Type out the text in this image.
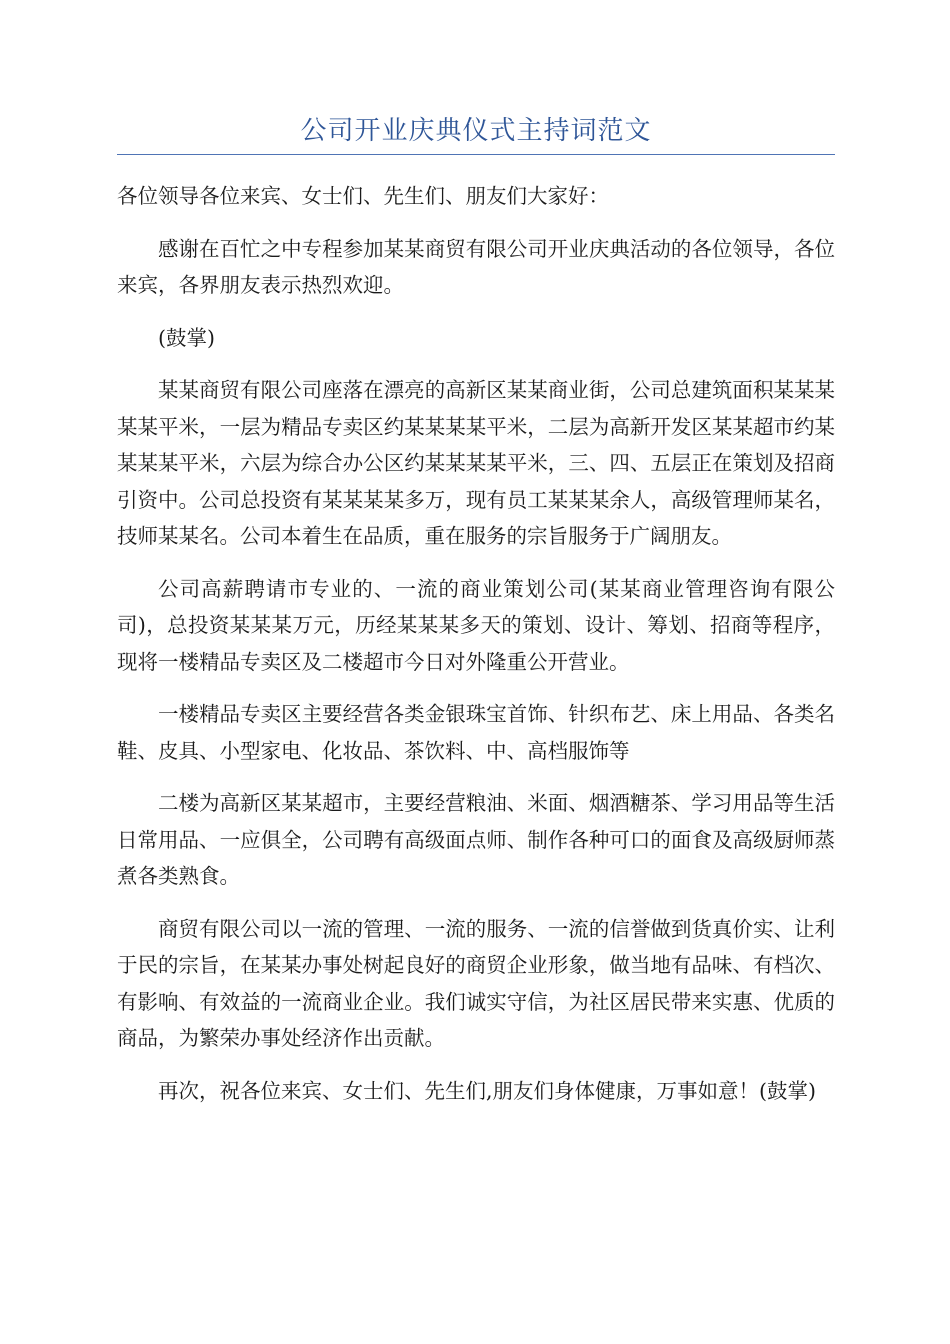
公司开业庆典仪式主持词范文

各位领导各位来宾、女士们、先生们、朋友们大家好：

感谢在百忙之中专程参加某某商贸有限公司开业庆典活动的各位领导，各位来宾，各界朋友表示热烈欢迎。

(鼓掌)

某某商贸有限公司座落在漂亮的高新区某某商业街，公司总建筑面积某某某某某平米，一层为精品专卖区约某某某某平米，二层为高新开发区某某超市约某某某某平米，六层为综合办公区约某某某某平米，三、四、五层正在策划及招商引资中。公司总投资有某某某某多万，现有员工某某某余人，高级管理师某名，技师某某名。公司本着生在品质，重在服务的宗旨服务于广阔朋友。

公司高薪聘请市专业的、一流的商业策划公司(某某商业管理咨询有限公司)，总投资某某某万元，历经某某某多天的策划、设计、筹划、招商等程序，现将一楼精品专卖区及二楼超市今日对外隆重公开营业。

一楼精品专卖区主要经营各类金银珠宝首饰、针织布艺、床上用品、各类名鞋、皮具、小型家电、化妆品、茶饮料、中、高档服饰等

二楼为高新区某某超市，主要经营粮油、米面、烟酒糖茶、学习用品等生活日常用品、一应俱全，公司聘有高级面点师、制作各种可口的面食及高级厨师蒸煮各类熟食。

商贸有限公司以一流的管理、一流的服务、一流的信誉做到货真价实、让利于民的宗旨，在某某办事处树起良好的商贸企业形象，做当地有品味、有档次、有影响、有效益的一流商业企业。我们诚实守信，为社区居民带来实惠、优质的商品，为繁荣办事处经济作出贡献。

再次，祝各位来宾、女士们、先生们,朋友们身体健康，万事如意！(鼓掌)
